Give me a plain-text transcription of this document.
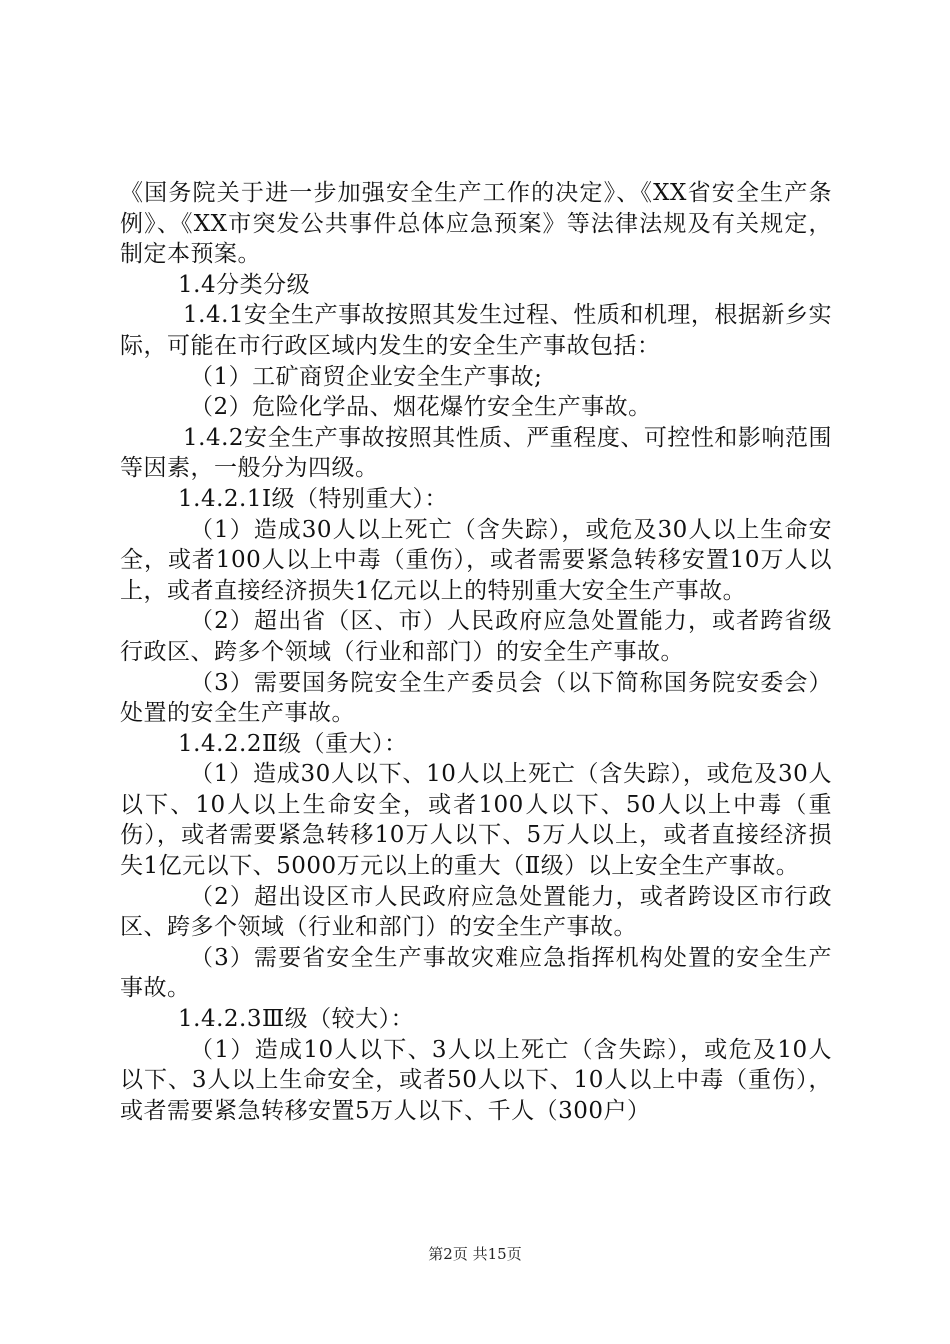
《国务院关于进一步加强安全生产工作的决定》、《XX省安全生产条例》、《XX市突发公共事件总体应急预案》等法律法规及有关规定，制定本预案。

1.4分类分级

1.4.1安全生产事故按照其发生过程、性质和机理，根据新乡实际，可能在市行政区域内发生的安全生产事故包括：

（1）工矿商贸企业安全生产事故;

（2）危险化学品、烟花爆竹安全生产事故。

1.4.2安全生产事故按照其性质、严重程度、可控性和影响范围等因素，一般分为四级。

1.4.2.1Ⅰ级（特别重大）：

（1）造成30人以上死亡（含失踪），或危及30人以上生命安全，或者100人以上中毒（重伤），或者需要紧急转移安置10万人以上，或者直接经济损失1亿元以上的特别重大安全生产事故。

（2）超出省（区、市）人民政府应急处置能力，或者跨省级行政区、跨多个领域（行业和部门）的安全生产事故。

（3）需要国务院安全生产委员会（以下简称国务院安委会）处置的安全生产事故。

1.4.2.2Ⅱ级（重大）：

（1）造成30人以下、10人以上死亡（含失踪），或危及30人以下、10人以上生命安全，或者100人以下、50人以上中毒（重伤），或者需要紧急转移10万人以下、5万人以上，或者直接经济损失1亿元以下、5000万元以上的重大（Ⅱ级）以上安全生产事故。

（2）超出设区市人民政府应急处置能力，或者跨设区市行政区、跨多个领域（行业和部门）的安全生产事故。

（3）需要省安全生产事故灾难应急指挥机构处置的安全生产事故。

1.4.2.3Ⅲ级（较大）：

（1）造成10人以下、3人以上死亡（含失踪），或危及10人以下、3人以上生命安全，或者50人以下、10人以上中毒（重伤），或者需要紧急转移安置5万人以下、千人（300户）

第2页 共15页
